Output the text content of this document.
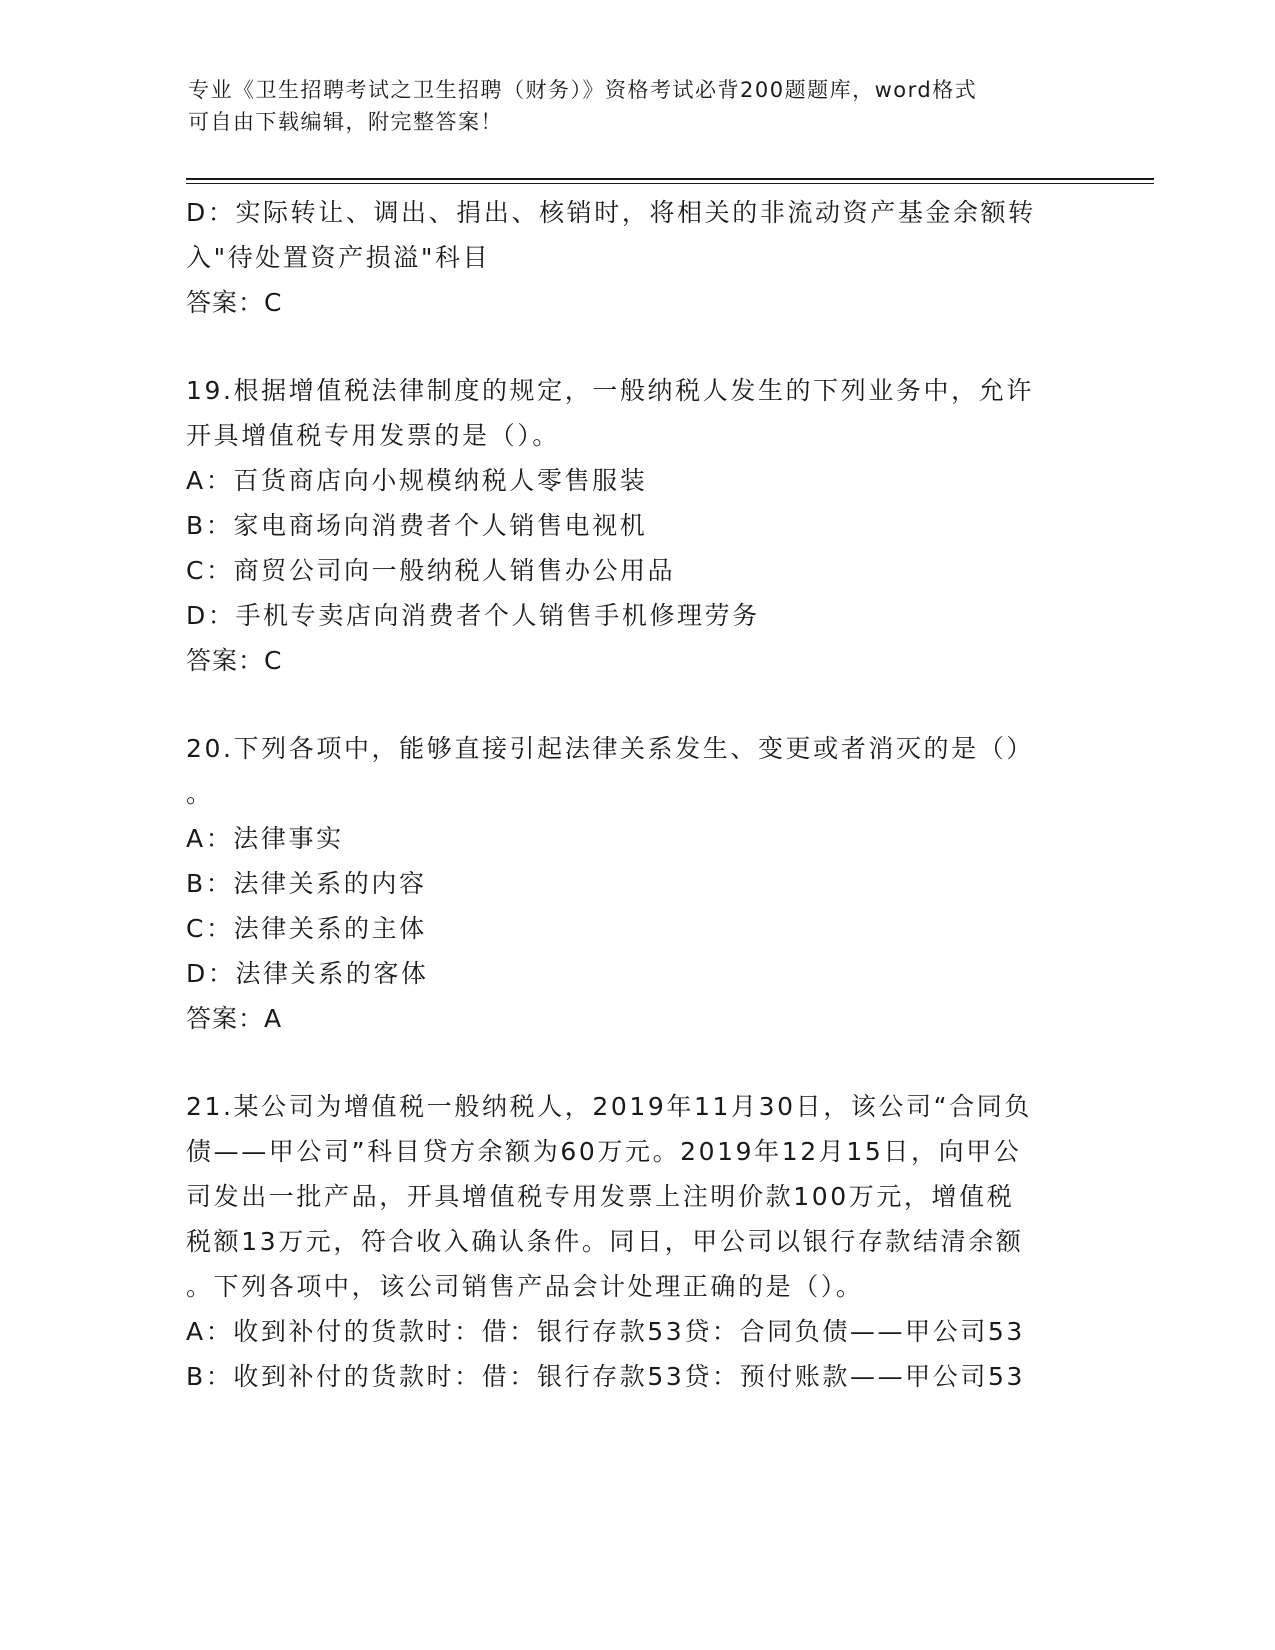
专业《卫生招聘考试之卫生招聘（财务）》资格考试必背200题题库，word格式
可自由下载编辑，附完整答案！
D：实际转让、调出、捐出、核销时，将相关的非流动资产基金余额转
入"待处置资产损溢"科目
答案：C
19.根据增值税法律制度的规定，一般纳税人发生的下列业务中，允许
开具增值税专用发票的是（）。
A：百货商店向小规模纳税人零售服装
B：家电商场向消费者个人销售电视机
C：商贸公司向一般纳税人销售办公用品
D：手机专卖店向消费者个人销售手机修理劳务
答案：C
20.下列各项中，能够直接引起法律关系发生、变更或者消灭的是（）
。
A：法律事实
B：法律关系的内容
C：法律关系的主体
D：法律关系的客体
答案：A
21.某公司为增值税一般纳税人，2019年11月30日，该公司“合同负
债——甲公司”科目贷方余额为60万元。2019年12月15日，向甲公
司发出一批产品，开具增值税专用发票上注明价款100万元，增值税
税额13万元，符合收入确认条件。同日，甲公司以银行存款结清余额
。下列各项中，该公司销售产品会计处理正确的是（）。
A：收到补付的货款时：借：银行存款53贷：合同负债——甲公司53
B：收到补付的货款时：借：银行存款53贷：预付账款——甲公司53
